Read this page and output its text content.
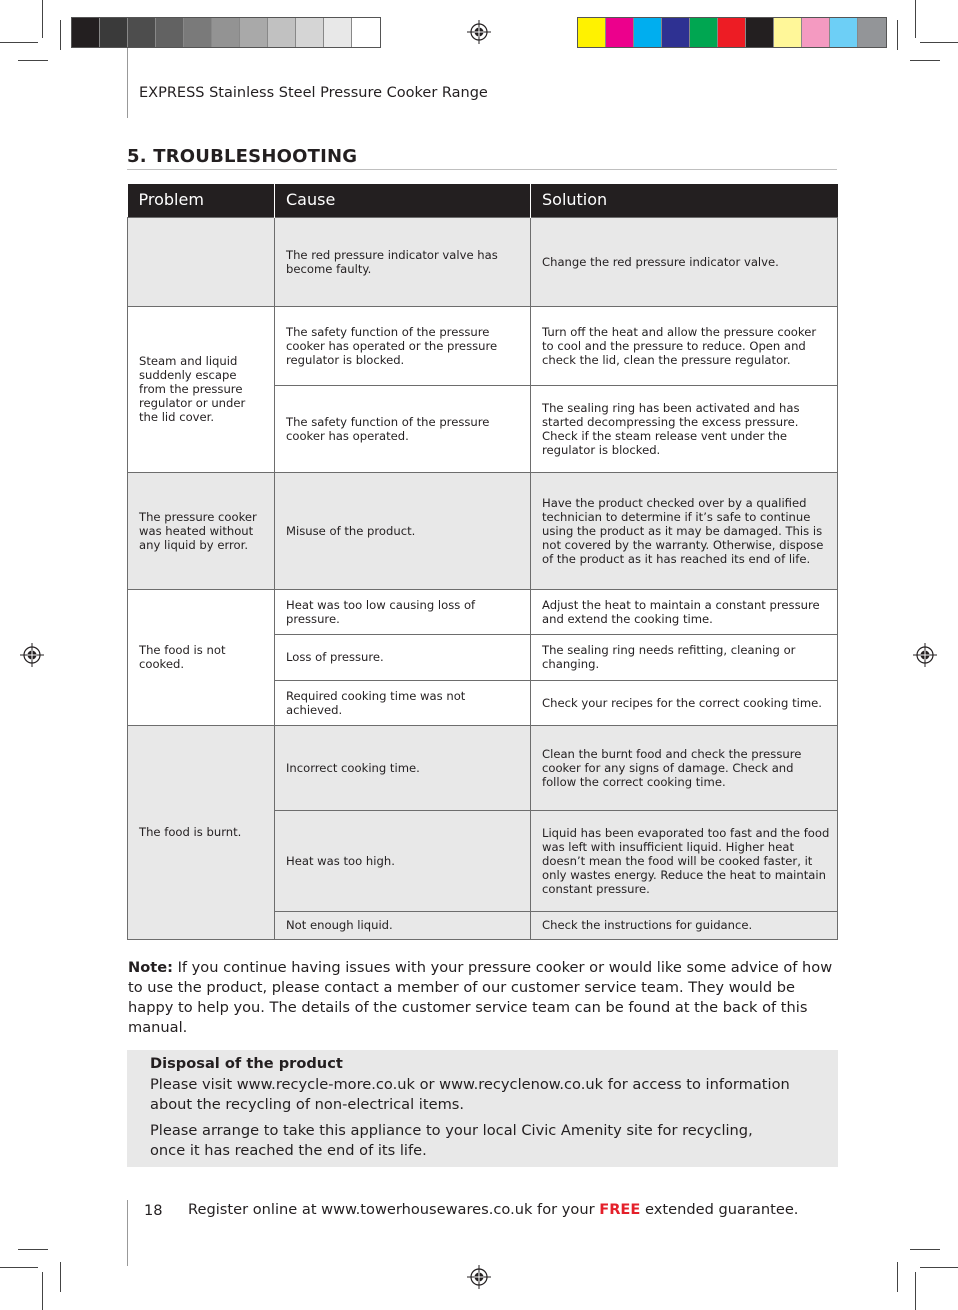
EXPRESS Stainless Steel Pressure Cooker Range
5. TROUBLESHOOTING
Problem	Cause	Solution
	The red pressure indicator valve has become faulty.	Change the red pressure indicator valve.
Steam and liquid suddenly escape from the pressure regulator or under the lid cover.	The safety function of the pressure cooker has operated or the pressure regulator is blocked.	Turn off the heat and allow the pressure cooker to cool and the pressure to reduce. Open and check the lid, clean the pressure regulator.
	The safety function of the pressure cooker has operated.	The sealing ring has been activated and has started decompressing the excess pressure. Check if the steam release vent under the regulator is blocked.
The pressure cooker was heated without any liquid by error.	Misuse of the product.	Have the product checked over by a qualified technician to determine if it’s safe to continue using the product as it may be damaged. This is not covered by the warranty. Otherwise, dispose of the product as it has reached its end of life.
The food is not cooked.	Heat was too low causing loss of pressure.	Adjust the heat to maintain a constant pressure and extend the cooking time.
	Loss of pressure.	The sealing ring needs refitting, cleaning or changing.
	Required cooking time was not achieved.	Check your recipes for the correct cooking time.
The food is burnt.	Incorrect cooking time.	Clean the burnt food and check the pressure cooker for any signs of damage. Check and follow the correct cooking time.
	Heat was too high.	Liquid has been evaporated too fast and the food was left with insufficient liquid. Higher heat doesn’t mean the food will be cooked faster, it only wastes energy. Reduce the heat to maintain constant pressure.
	Not enough liquid.	Check the instructions for guidance.
Note: If you continue having issues with your pressure cooker or would like some advice of how to use the product, please contact a member of our customer service team. They would be happy to help you. The details of the customer service team can be found at the back of this manual.
Disposal of the product
Please visit www.recycle-more.co.uk or www.recyclenow.co.uk for access to information about the recycling of non-electrical items.
Please arrange to take this appliance to your local Civic Amenity site for recycling,
once it has reached the end of its life.
18 Register online at www.towerhousewares.co.uk for your FREE extended guarantee.
